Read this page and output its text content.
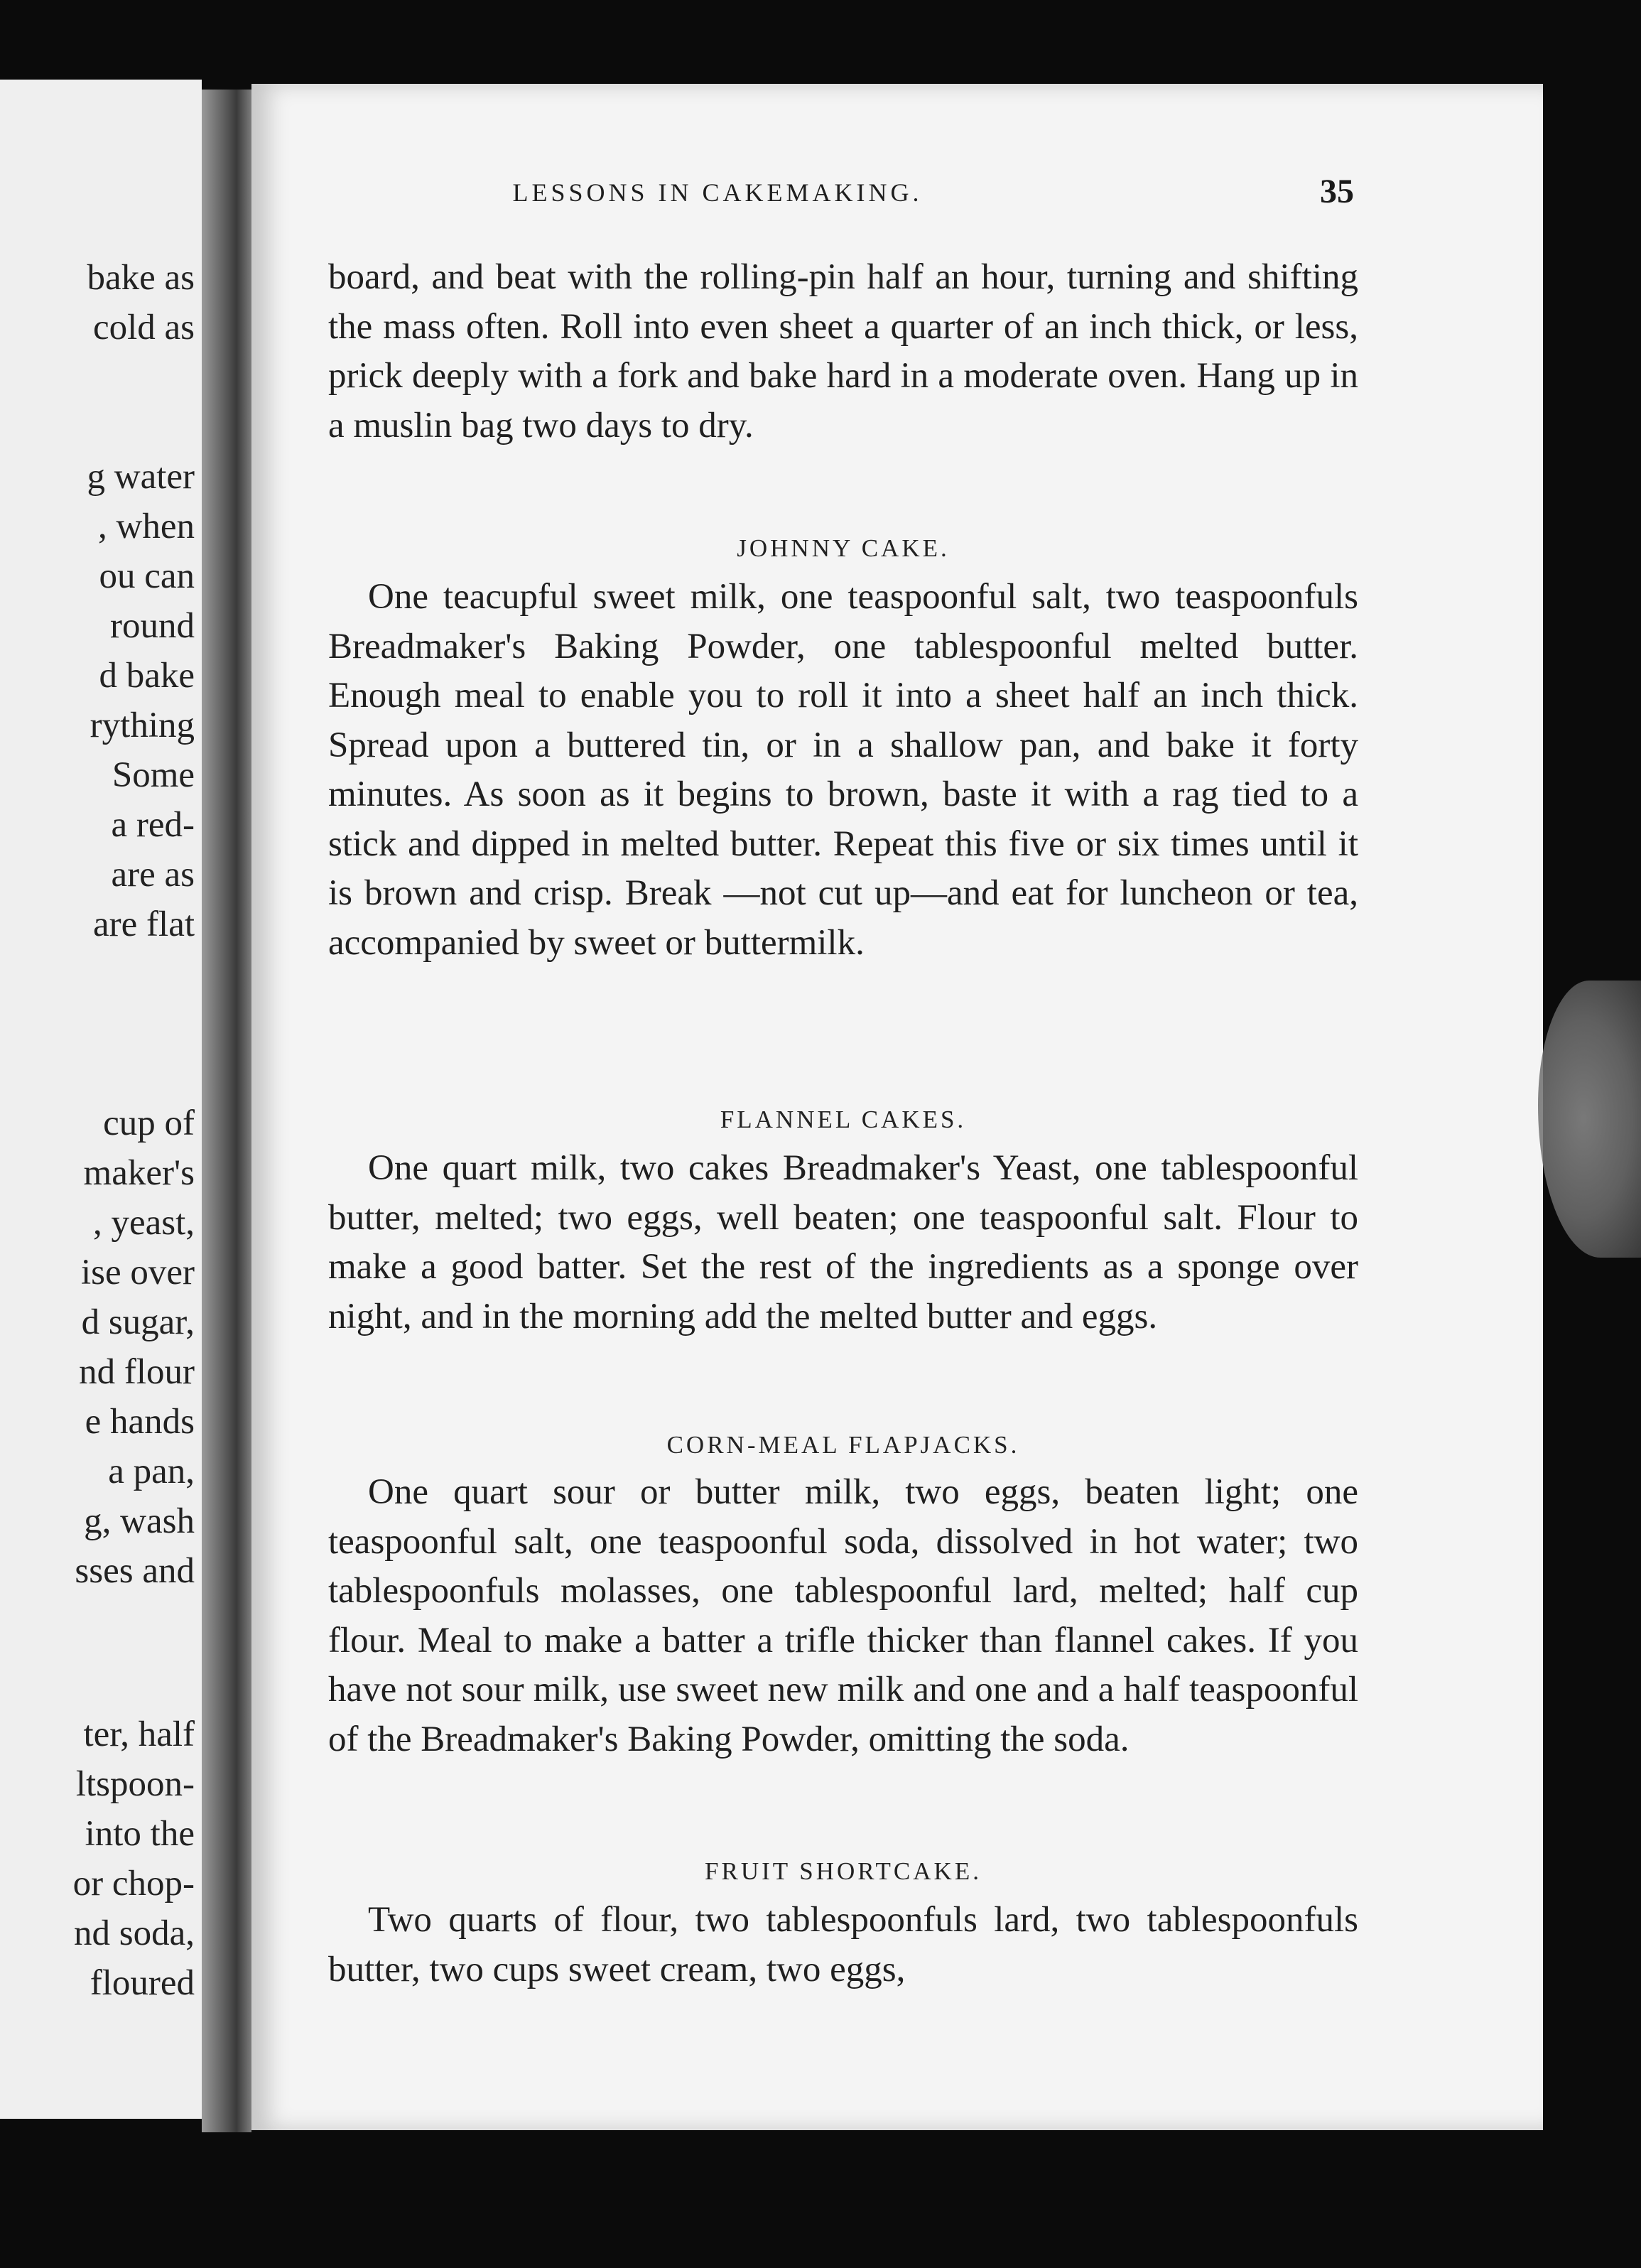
bake as
cold as
g water
, when
ou can
round
d bake
rything
Some
a red-
are as
are flat
cup of
maker's
, yeast,
ise over
d sugar,
nd flour
e hands
a pan,
g, wash
sses and
ter, half
ltspoon-
into the
or chop-
nd soda,
floured
LESSONS IN CAKEMAKING.	35

board, and beat with the rolling-pin half an hour, turning and shifting the mass often. Roll into even sheet a quarter of an inch thick, or less, prick deeply with a fork and bake hard in a moderate oven. Hang up in a muslin bag two days to dry.

JOHNNY CAKE.

One teacupful sweet milk, one teaspoonful salt, two teaspoonfuls Breadmaker's Baking Powder, one tablespoonful melted butter. Enough meal to enable you to roll it into a sheet half an inch thick. Spread upon a buttered tin, or in a shallow pan, and bake it forty minutes. As soon as it begins to brown, baste it with a rag tied to a stick and dipped in melted butter. Repeat this five or six times until it is brown and crisp. Break —not cut up—and eat for luncheon or tea, accompanied by sweet or buttermilk.

FLANNEL CAKES.

One quart milk, two cakes Breadmaker's Yeast, one tablespoonful butter, melted; two eggs, well beaten; one teaspoonful salt. Flour to make a good batter. Set the rest of the ingredients as a sponge over night, and in the morning add the melted butter and eggs.

CORN-MEAL FLAPJACKS.

One quart sour or butter milk, two eggs, beaten light; one teaspoonful salt, one teaspoonful soda, dissolved in hot water; two tablespoonfuls molasses, one tablespoonful lard, melted; half cup flour. Meal to make a batter a trifle thicker than flannel cakes. If you have not sour milk, use sweet new milk and one and a half teaspoonful of the Breadmaker's Baking Powder, omitting the soda.

FRUIT SHORTCAKE.

Two quarts of flour, two tablespoonfuls lard, two tablespoonfuls butter, two cups sweet cream, two eggs,
